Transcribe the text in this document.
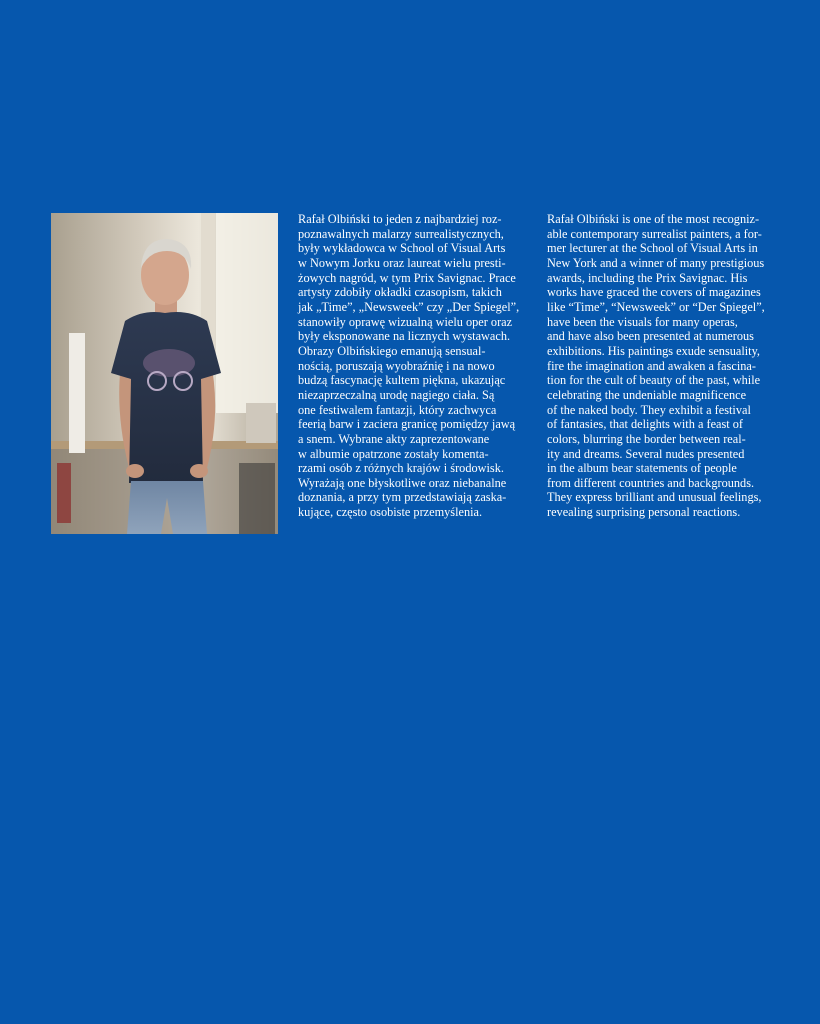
Rafał Olbiński to jeden z najbardziej roz-
poznawalnych malarzy surrealistycznych,
były wykładowca w School of Visual Arts
w Nowym Jorku oraz laureat wielu presti-
żowych nagród, w tym Prix Savignac. Prace
artysty zdobiły okładki czasopism, takich
jak „Time”, „Newsweek” czy „Der Spiegel”,
stanowiły oprawę wizualną wielu oper oraz
były eksponowane na licznych wystawach.
Obrazy Olbińskiego emanują sensual-
nością, poruszają wyobraźnię i na nowo
budzą fascynację kultem piękna, ukazując
niezaprzeczalną urodę nagiego ciała. Są
one festiwalem fantazji, który zachwyca
feerią barw i zaciera granicę pomiędzy jawą
a snem. Wybrane akty zaprezentowane
w albumie opatrzone zostały komenta-
rzami osób z różnych krajów i środowisk.
Wyrażają one błyskotliwe oraz niebanalne
doznania, a przy tym przedstawiają zaska-
kujące, często osobiste przemyślenia.
Rafał Olbiński is one of the most recogniz-
able contemporary surrealist painters, a for-
mer lecturer at the School of Visual Arts in
New York and a winner of many prestigious
awards, including the Prix Savignac. His
works have graced the covers of magazines
like “Time”, “Newsweek” or “Der Spiegel”,
have been the visuals for many operas,
and have also been presented at numerous
exhibitions. His paintings exude sensuality,
fire the imagination and awaken a fascina-
tion for the cult of beauty of the past, while
celebrating the undeniable magnificence
of the naked body. They exhibit a festival
of fantasies, that delights with a feast of
colors, blurring the border between real-
ity and dreams. Several nudes presented
in the album bear statements of people
from different countries and backgrounds.
They express brilliant and unusual feelings,
revealing surprising personal reactions.
